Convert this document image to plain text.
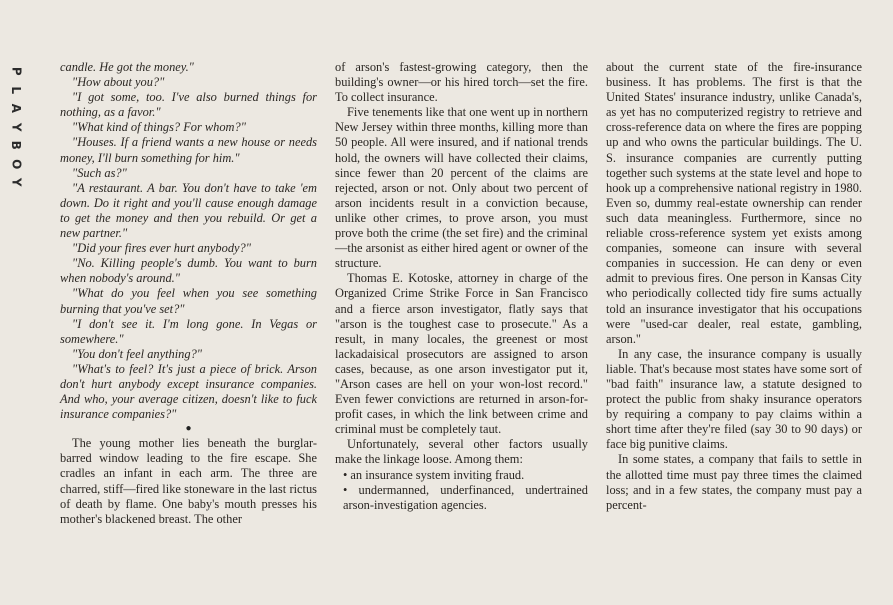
P
L
A
Y
B
O
Y

candle. He got the money."

"How about you?"

"I got some, too. I've also burned things for nothing, as a favor."

"What kind of things? For whom?"

"Houses. If a friend wants a new house or needs money, I'll burn something for him."

"Such as?"

"A restaurant. A bar. You don't have to take 'em down. Do it right and you'll cause enough damage to get the money and then you rebuild. Or get a new partner."

"Did your fires ever hurt anybody?"

"No. Killing people's dumb. You want to burn when nobody's around."

"What do you feel when you see something burning that you've set?"

"I don't see it. I'm long gone. In Vegas or somewhere."

"You don't feel anything?"

"What's to feel? It's just a piece of brick. Arson don't hurt anybody except insurance companies. And who, your average citizen, doesn't like to fuck insurance companies?"

●

The young mother lies beneath the burglar-barred window leading to the fire escape. She cradles an infant in each arm. The three are charred, stiff—fired like stoneware in the last rictus of death by flame. One baby's mouth presses his mother's blackened breast. The other

of arson's fastest-growing category, then the building's owner—or his hired torch—set the fire. To collect insurance.

Five tenements like that one went up in northern New Jersey within three months, killing more than 50 people. All were insured, and if national trends hold, the owners will have collected their claims, since fewer than 20 percent of the claims are rejected, arson or not. Only about two percent of arson incidents result in a conviction because, unlike other crimes, to prove arson, you must prove both the crime (the set fire) and the criminal—the arsonist as either hired agent or owner of the structure.

Thomas E. Kotoske, attorney in charge of the Organized Crime Strike Force in San Francisco and a fierce arson investigator, flatly says that "arson is the toughest case to prosecute." As a result, in many locales, the greenest or most lackadaisical prosecutors are assigned to arson cases, because, as one arson investigator put it, "Arson cases are hell on your won-lost record." Even fewer convictions are returned in arson-for-profit cases, in which the link between crime and criminal must be completely taut.

Unfortunately, several other factors usually make the linkage loose. Among them:

• an insurance system inviting fraud.

• undermanned, underfinanced, undertrained arson-investigation agencies.

about the current state of the fire-insurance business. It has problems. The first is that the United States' insurance industry, unlike Canada's, as yet has no computerized registry to retrieve and cross-reference data on where the fires are popping up and who owns the particular buildings. The U. S. insurance companies are currently putting together such systems at the state level and hope to hook up a comprehensive national registry in 1980. Even so, dummy real-estate ownership can render such data meaningless. Furthermore, since no reliable cross-reference system yet exists among companies, someone can insure with several companies in succession. He can deny or even admit to previous fires. One person in Kansas City who periodically collected tidy fire sums actually told an insurance investigator that his occupations were "used-car dealer, real estate, gambling, arson."

In any case, the insurance company is usually liable. That's because most states have some sort of "bad faith" insurance law, a statute designed to protect the public from shaky insurance operators by requiring a company to pay claims within a short time after they're filed (say 30 to 90 days) or face big punitive claims.

In some states, a company that fails to settle in the allotted time must pay three times the claimed loss; and in a few states, the company must pay a percent-
